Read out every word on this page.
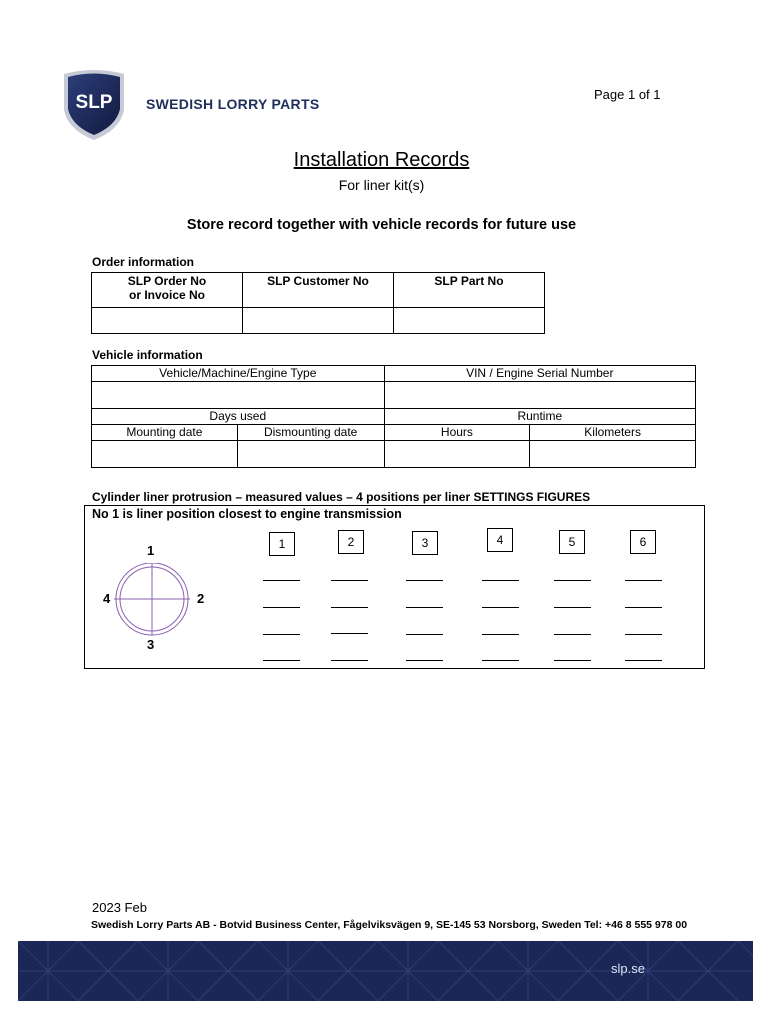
SLP SWEDISH LORRY PARTS
Page 1 of 1
Installation Records
For liner kit(s)
Store record together with vehicle records for future use
Order information
SLP Order No
or Invoice No	SLP Customer No	SLP Part No

Vehicle information
Vehicle/Machine/Engine Type		VIN / Engine Serial Number	

Days used		Runtime	
Mounting date	Dismounting date	Hours	Kilometers

Cylinder liner protrusion – measured values – 4 positions per liner SETTINGS FIGURES
No 1 is liner position closest to engine transmission
1
2
3
4
1	2	3	4	5	6
2023 Feb
Swedish Lorry Parts AB - Botvid Business Center, Fågelviksvägen 9, SE-145 53 Norsborg, Sweden Tel: +46 8 555 978 00
slp.se
